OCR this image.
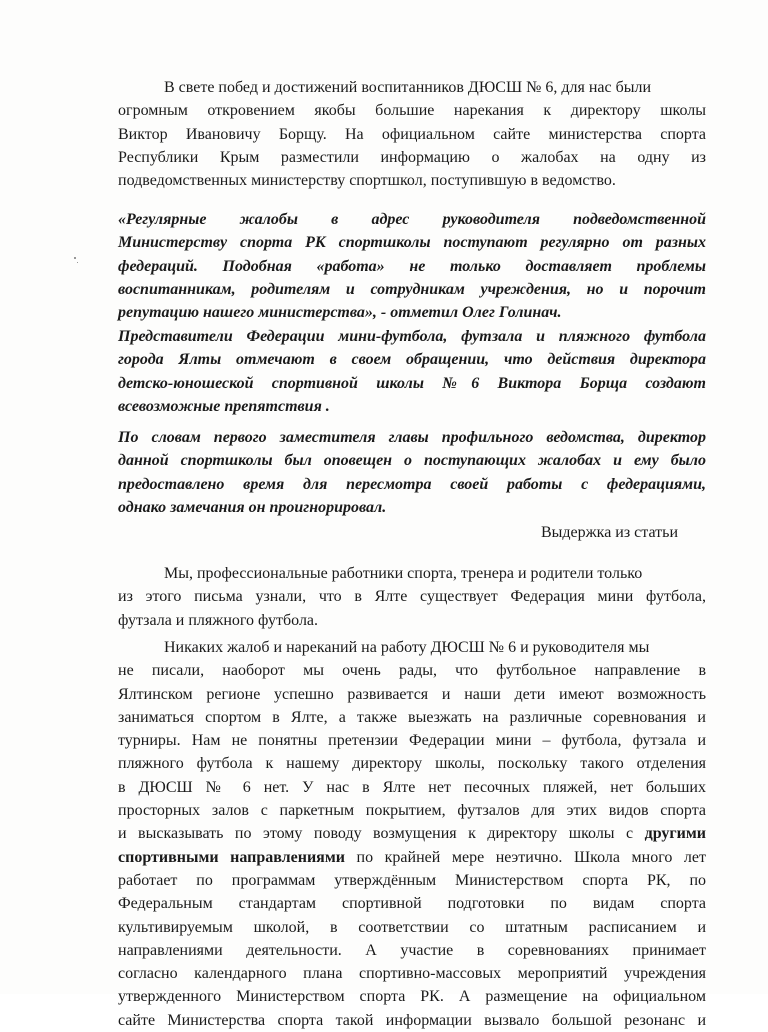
В свете побед и достижений воспитанников ДЮСШ № 6, для нас были
огромным откровением якобы большие нарекания к директору школы
Виктор Ивановичу Борщу. На официальном сайте министерства спорта
Республики Крым разместили информацию о жалобах на одну из
подведомственных министерству спортшкол, поступившую в ведомство.
«Регулярные жалобы в адрес руководителя подведомственной
Министерству спорта РК спортшколы поступают регулярно от разных
федераций. Подобная «работа» не только доставляет проблемы
воспитанникам, родителям и сотрудникам учреждения, но и порочит
репутацию нашего министерства», - отметил Олег Голинач.
Представители Федерации мини-футбола, футзала и пляжного футбола
города Ялты отмечают в своем обращении, что действия директора
детско-юношеской спортивной школы №6 Виктора Борща создают
всевозможные препятствия .
По словам первого заместителя главы профильного ведомства, директор
данной спортшколы был оповещен о поступающих жалобах и ему было
предоставлено время для пересмотра своей работы с федерациями,
однако замечания он проигнорировал.
Выдержка из статьи
Мы, профессиональные работники спорта, тренера и родители только
из этого письма узнали, что в Ялте существует Федерация мини футбола,
футзала и пляжного футбола.
Никаких жалоб и нареканий на работу ДЮСШ № 6 и руководителя мы
не писали, наоборот мы очень рады, что футбольное направление в
Ялтинском регионе успешно развивается и наши дети имеют возможность
заниматься спортом в Ялте, а также выезжать на различные соревнования и
турниры. Нам не понятны претензии Федерации мини – футбола, футзала и
пляжного футбола к нашему директору школы, поскольку такого отделения
в ДЮСШ № 6 нет. У нас в Ялте нет песочных пляжей, нет больших
просторных залов с паркетным покрытием, футзалов для этих видов спорта
и высказывать по этому поводу возмущения к директору школы с другими
спортивными направлениями по крайней мере неэтично. Школа много лет
работает по программам утверждённым Министерством спорта РК, по
Федеральным стандартам спортивной подготовки по видам спорта
культивируемым школой, в соответствии со штатным расписанием и
направлениями деятельности. А участие в соревнованиях принимает
согласно календарного плана спортивно-массовых мероприятий учреждения
утвержденного Министерством спорта РК. А размещение на официальном
сайте Министерства спорта такой информации вызвало большой резонанс и
